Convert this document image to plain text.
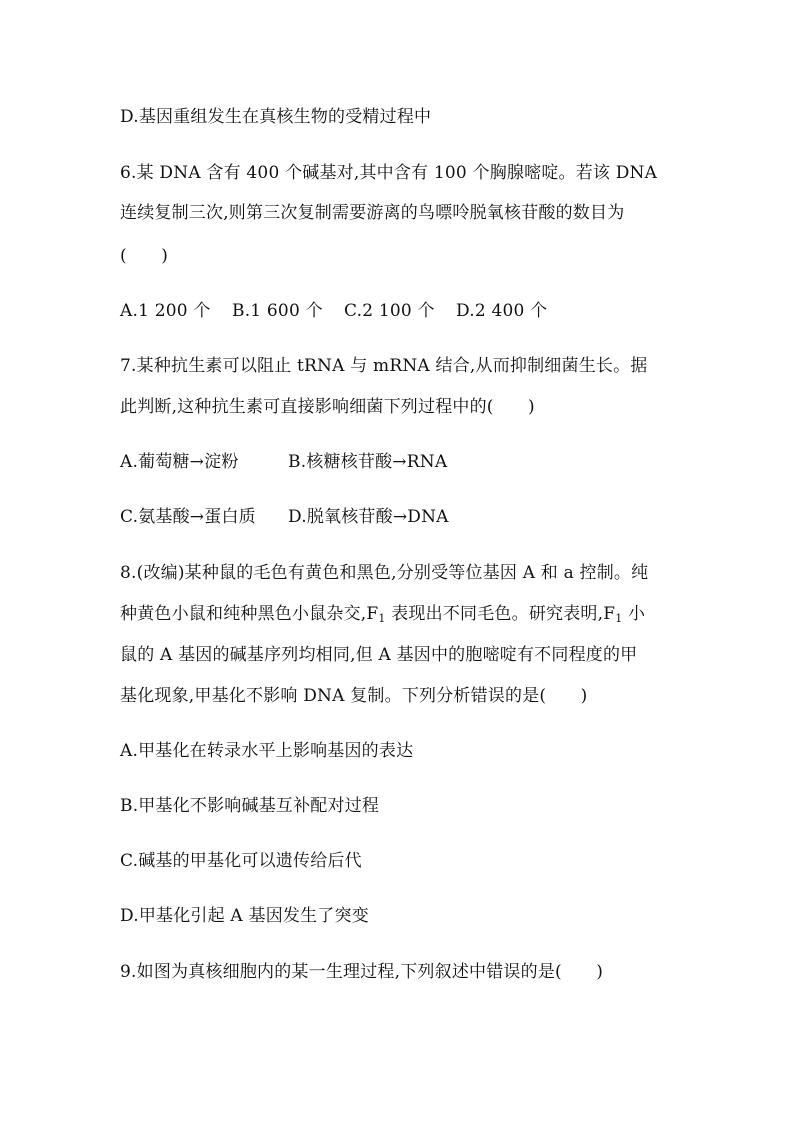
D.基因重组发生在真核生物的受精过程中
6.某 DNA 含有 400 个碱基对,其中含有 100 个胸腺嘧啶。若该 DNA
连续复制三次,则第三次复制需要游离的鸟嘌呤脱氧核苷酸的数目为
(　　)
A.1 200 个 B.1 600 个 C.2 100 个 D.2 400 个
7.某种抗生素可以阻止 tRNA 与 mRNA 结合,从而抑制细菌生长。据
此判断,这种抗生素可直接影响细菌下列过程中的(　　)
A.葡萄糖→淀粉	B.核糖核苷酸→RNA
C.氨基酸→蛋白质 D.脱氧核苷酸→DNA
8.(改编)某种鼠的毛色有黄色和黑色,分别受等位基因 A 和 a 控制。纯
种黄色小鼠和纯种黑色小鼠杂交$,F_1$ 表现出不同毛色。研究表明$,F_1$ 小
鼠的 A 基因的碱基序列均相同,但 A 基因中的胞嘧啶有不同程度的甲
基化现象,甲基化不影响 DNA 复制。下列分析错误的是(　　)
A.甲基化在转录水平上影响基因的表达
B.甲基化不影响碱基互补配对过程
C.碱基的甲基化可以遗传给后代
D.甲基化引起 A 基因发生了突变
9.如图为真核细胞内的某一生理过程,下列叙述中错误的是(　　)
